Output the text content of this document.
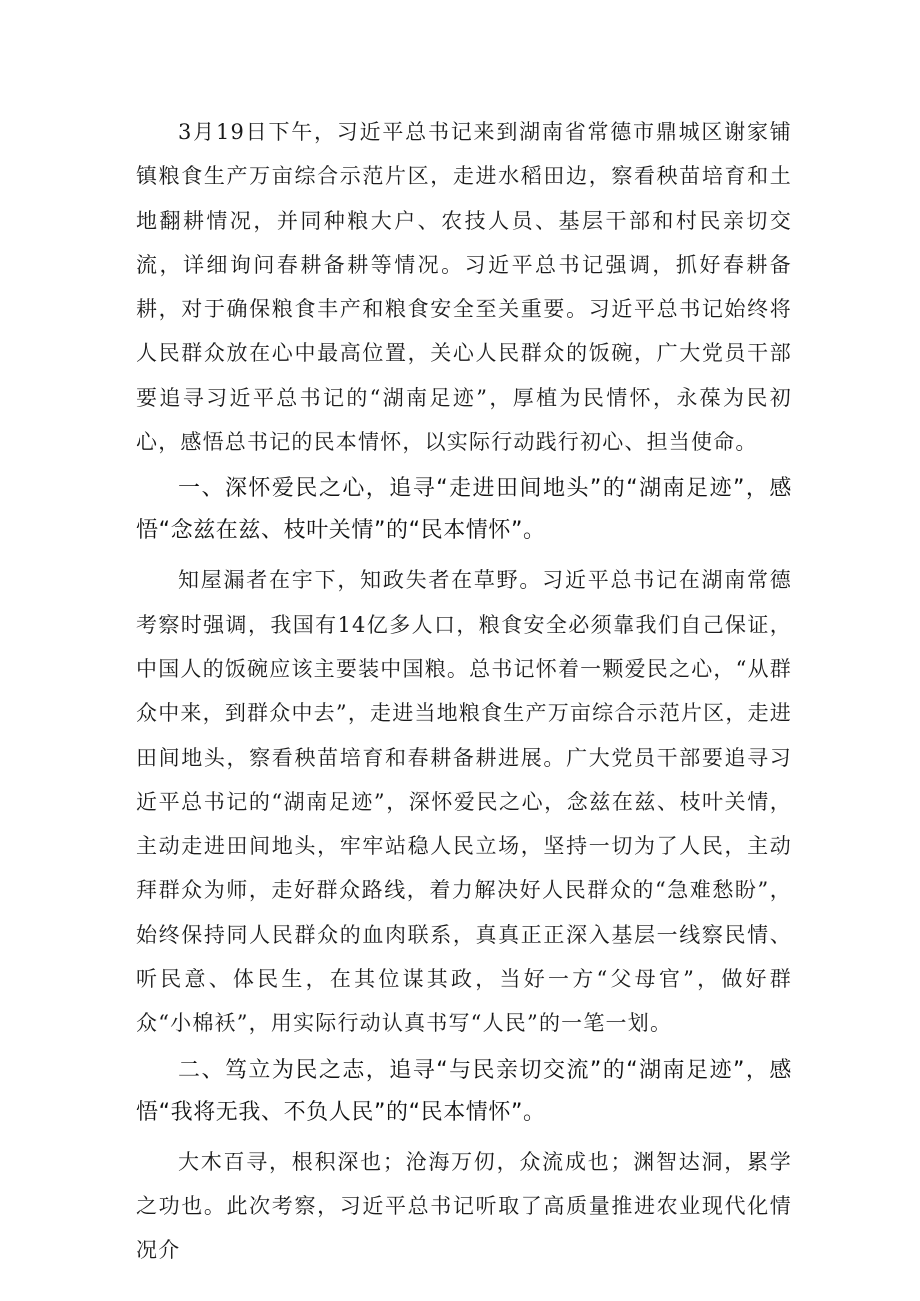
3月19日下午，习近平总书记来到湖南省常德市鼎城区谢家铺镇粮食生产万亩综合示范片区，走进水稻田边，察看秧苗培育和土地翻耕情况，并同种粮大户、农技人员、基层干部和村民亲切交流，详细询问春耕备耕等情况。习近平总书记强调，抓好春耕备耕，对于确保粮食丰产和粮食安全至关重要。习近平总书记始终将人民群众放在心中最高位置，关心人民群众的饭碗，广大党员干部要追寻习近平总书记的“湖南足迹”，厚植为民情怀，永葆为民初心，感悟总书记的民本情怀，以实际行动践行初心、担当使命。

一、深怀爱民之心，追寻“走进田间地头”的“湖南足迹”，感悟“念兹在兹、枝叶关情”的“民本情怀”。

知屋漏者在宇下，知政失者在草野。习近平总书记在湖南常德考察时强调，我国有14亿多人口，粮食安全必须靠我们自己保证，中国人的饭碗应该主要装中国粮。总书记怀着一颗爱民之心，“从群众中来，到群众中去”，走进当地粮食生产万亩综合示范片区，走进田间地头，察看秧苗培育和春耕备耕进展。广大党员干部要追寻习近平总书记的“湖南足迹”，深怀爱民之心，念兹在兹、枝叶关情，主动走进田间地头，牢牢站稳人民立场，坚持一切为了人民，主动拜群众为师，走好群众路线，着力解决好人民群众的“急难愁盼”，始终保持同人民群众的血肉联系，真真正正深入基层一线察民情、听民意、体民生，在其位谋其政，当好一方“父母官”，做好群众“小棉袄”，用实际行动认真书写“人民”的一笔一划。

二、笃立为民之志，追寻“与民亲切交流”的“湖南足迹”，感悟“我将无我、不负人民”的“民本情怀”。

大木百寻，根积深也；沧海万仞，众流成也；渊智达洞，累学之功也。此次考察，习近平总书记听取了高质量推进农业现代化情况介
